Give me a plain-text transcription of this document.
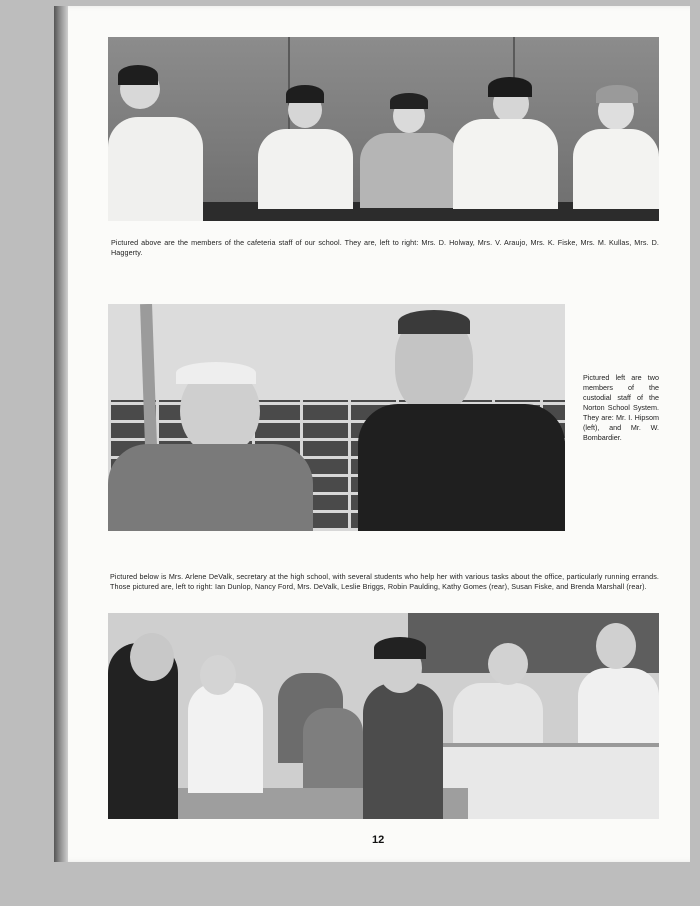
Pictured above are the members of the cafeteria staff of our school. They are, left to right: Mrs. D. Holway, Mrs. V. Araujo, Mrs. K. Fiske, Mrs. M. Kullas, Mrs. D. Haggerty.
Pictured left are two members of the custodial staff of the Norton School System. They are: Mr. I. Hipsom (left), and Mr. W. Bombardier.
Pictured below is Mrs. Arlene DeValk, secretary at the high school, with several students who help her with various tasks about the office, particularly running errands. Those pictured are, left to right: Ian Dunlop, Nancy Ford, Mrs. DeValk, Leslie Briggs, Robin Paulding, Kathy Gomes (rear), Susan Fiske, and Brenda Marshall (rear).
12
